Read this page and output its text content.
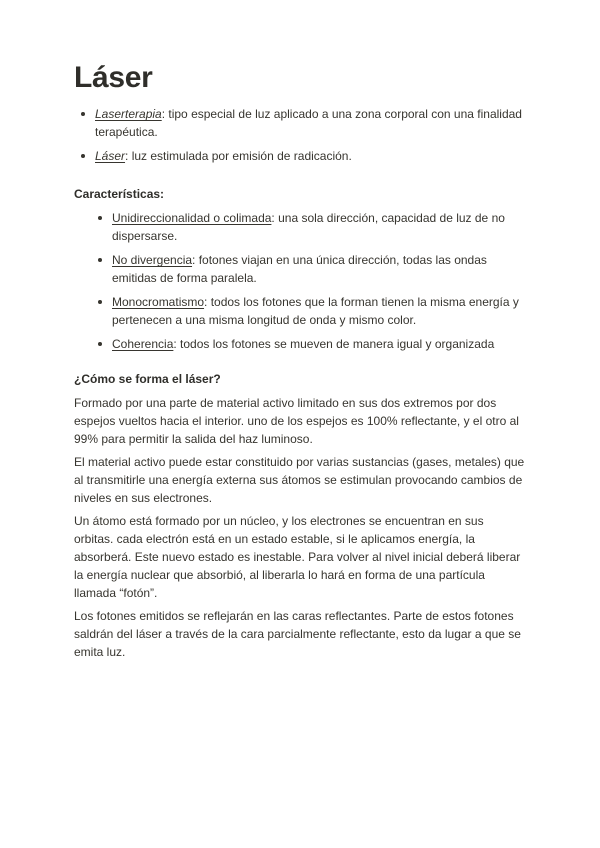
Láser
Laserterapia: tipo especial de luz aplicado a una zona corporal con una finalidad terapéutica.
Láser: luz estimulada por emisión de radicación.
Características:
Unidireccionalidad o colimada: una sola dirección, capacidad de luz de no dispersarse.
No divergencia: fotones viajan en una única dirección, todas las ondas emitidas de forma paralela.
Monocromatismo: todos los fotones que la forman tienen la misma energía y pertenecen a una misma longitud de onda y mismo color.
Coherencia: todos los fotones se mueven de manera igual y organizada
¿Cómo se forma el láser?

Formado por una parte de material activo limitado en sus dos extremos por dos espejos vueltos hacia el interior. uno de los espejos es 100% reflectante, y el otro al 99% para permitir la salida del haz luminoso.

El material activo puede estar constituido por varias sustancias (gases, metales) que al transmitirle una energía externa sus átomos se estimulan provocando cambios de niveles en sus electrones.

Un átomo está formado por un núcleo, y los electrones se encuentran en sus orbitas. cada electrón está en un estado estable, si le aplicamos energía, la absorberá. Este nuevo estado es inestable. Para volver al nivel inicial deberá liberar la energía nuclear que absorbió, al liberarla lo hará en forma de una partícula llamada “fotón”.

Los fotones emitidos se reflejarán en las caras reflectantes. Parte de estos fotones saldrán del láser a través de la cara parcialmente reflectante, esto da lugar a que se emita luz.
